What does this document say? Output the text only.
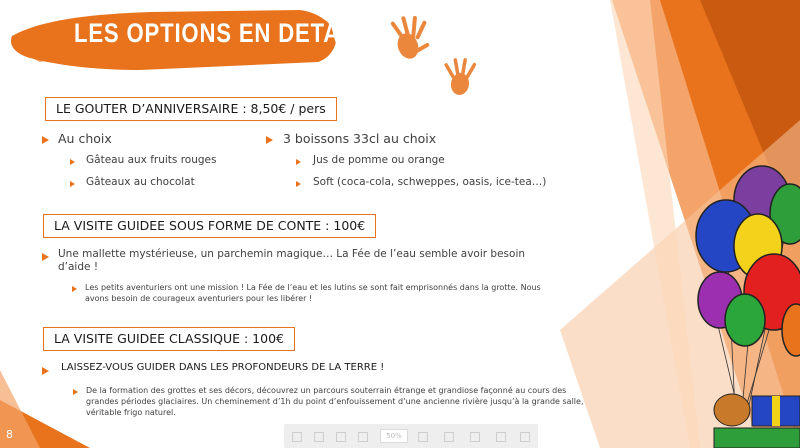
LES OPTIONS EN DETAILS
LE GOUTER D’ANNIVERSAIRE : 8,50€ / pers
Au choix
Gâteau aux fruits rouges
Gâteaux au chocolat
3 boissons 33cl au choix
Jus de pomme ou orange
Soft (coca-cola, schweppes, oasis, ice-tea…)
LA VISITE GUIDEE SOUS FORME DE CONTE : 100€
Une mallette mystérieuse, un parchemin magique… La Fée de l’eau semble avoir besoin d’aide !
Les petits aventuriers ont une mission ! La Fée de l’eau et les lutins se sont fait emprisonnés dans la grotte. Nous avons besoin de courageux aventuriers pour les libérer !
LA VISITE GUIDEE CLASSIQUE : 100€
LAISSEZ-VOUS GUIDER DANS LES PROFONDEURS DE LA TERRE !
De la formation des grottes et ses décors, découvrez un parcours souterrain étrange et grandiose façonné au cours des grandes périodes glaciaires. Un cheminement d’1h du point d’enfouissement d’une ancienne rivière jusqu’à la grande salle, véritable frigo naturel.
8	50%
